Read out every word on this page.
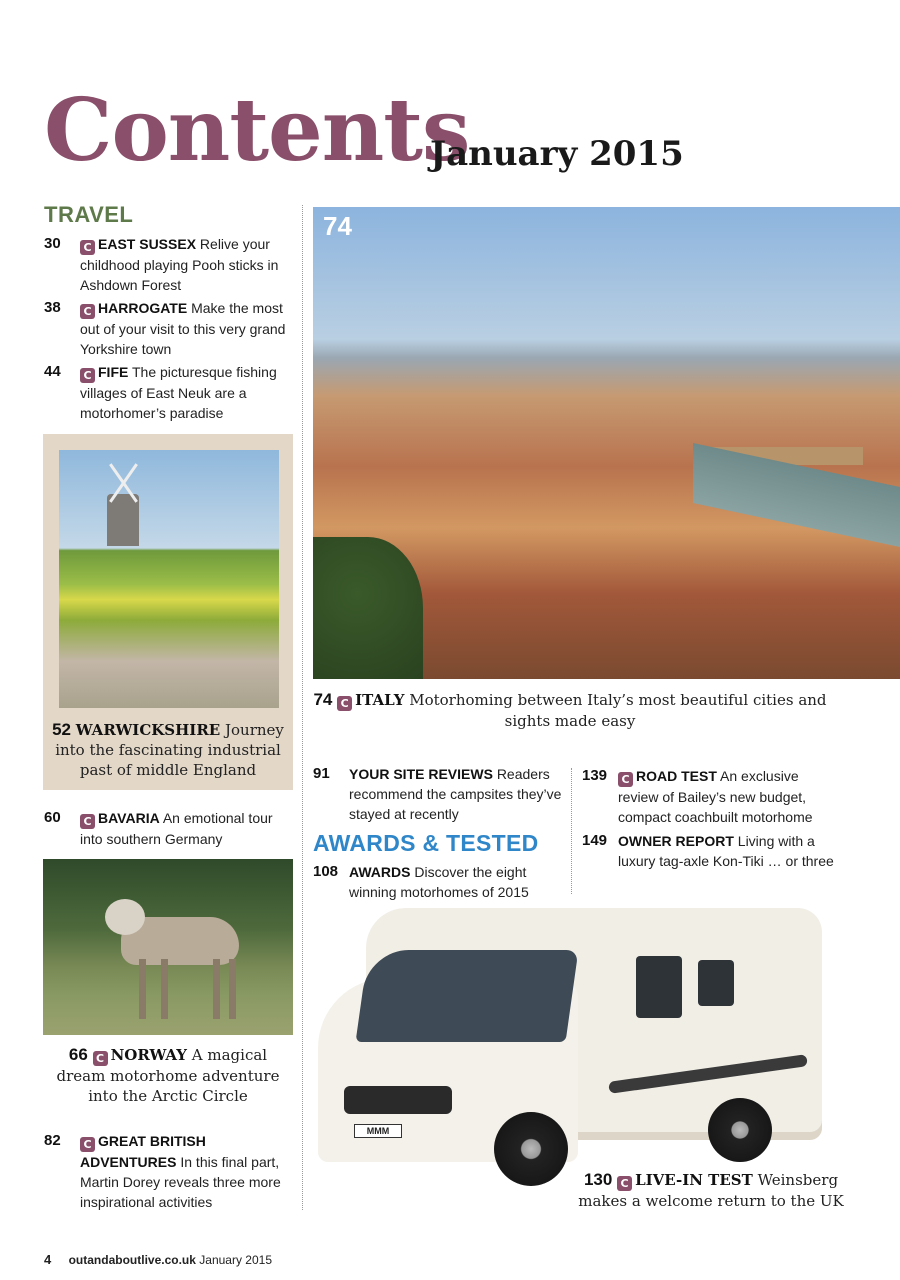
Contents
January 2015
TRAVEL
30	C EAST SUSSEX Relive your childhood playing Pooh sticks in Ashdown Forest
38	C HARROGATE Make the most out of your visit to this very grand Yorkshire town
44	C FIFE The picturesque fishing villages of East Neuk are a motorhomer’s paradise
52 WARWICKSHIRE Journey into the fascinating industrial past of middle England
60	C BAVARIA An emotional tour into southern Germany
66 C NORWAY A magical dream motorhome adventure into the Arctic Circle
82	C GREAT BRITISH ADVENTURES In this final part, Martin Dorey reveals three more inspirational activities
74
74 C ITALY Motorhoming between Italy’s most beautiful cities and sights made easy
91 YOUR SITE REVIEWS Readers recommend the campsites they’ve stayed at recently
AWARDS & TESTED
108 AWARDS Discover the eight winning motorhomes of 2015
139	C ROAD TEST An exclusive review of Bailey’s new budget, compact coachbuilt motorhome
149 OWNER REPORT Living with a luxury tag-axle Kon-Tiki … or three
MMM
130 C LIVE-IN TEST Weinsberg makes a welcome return to the UK
4 outandaboutlive.co.uk January 2015
